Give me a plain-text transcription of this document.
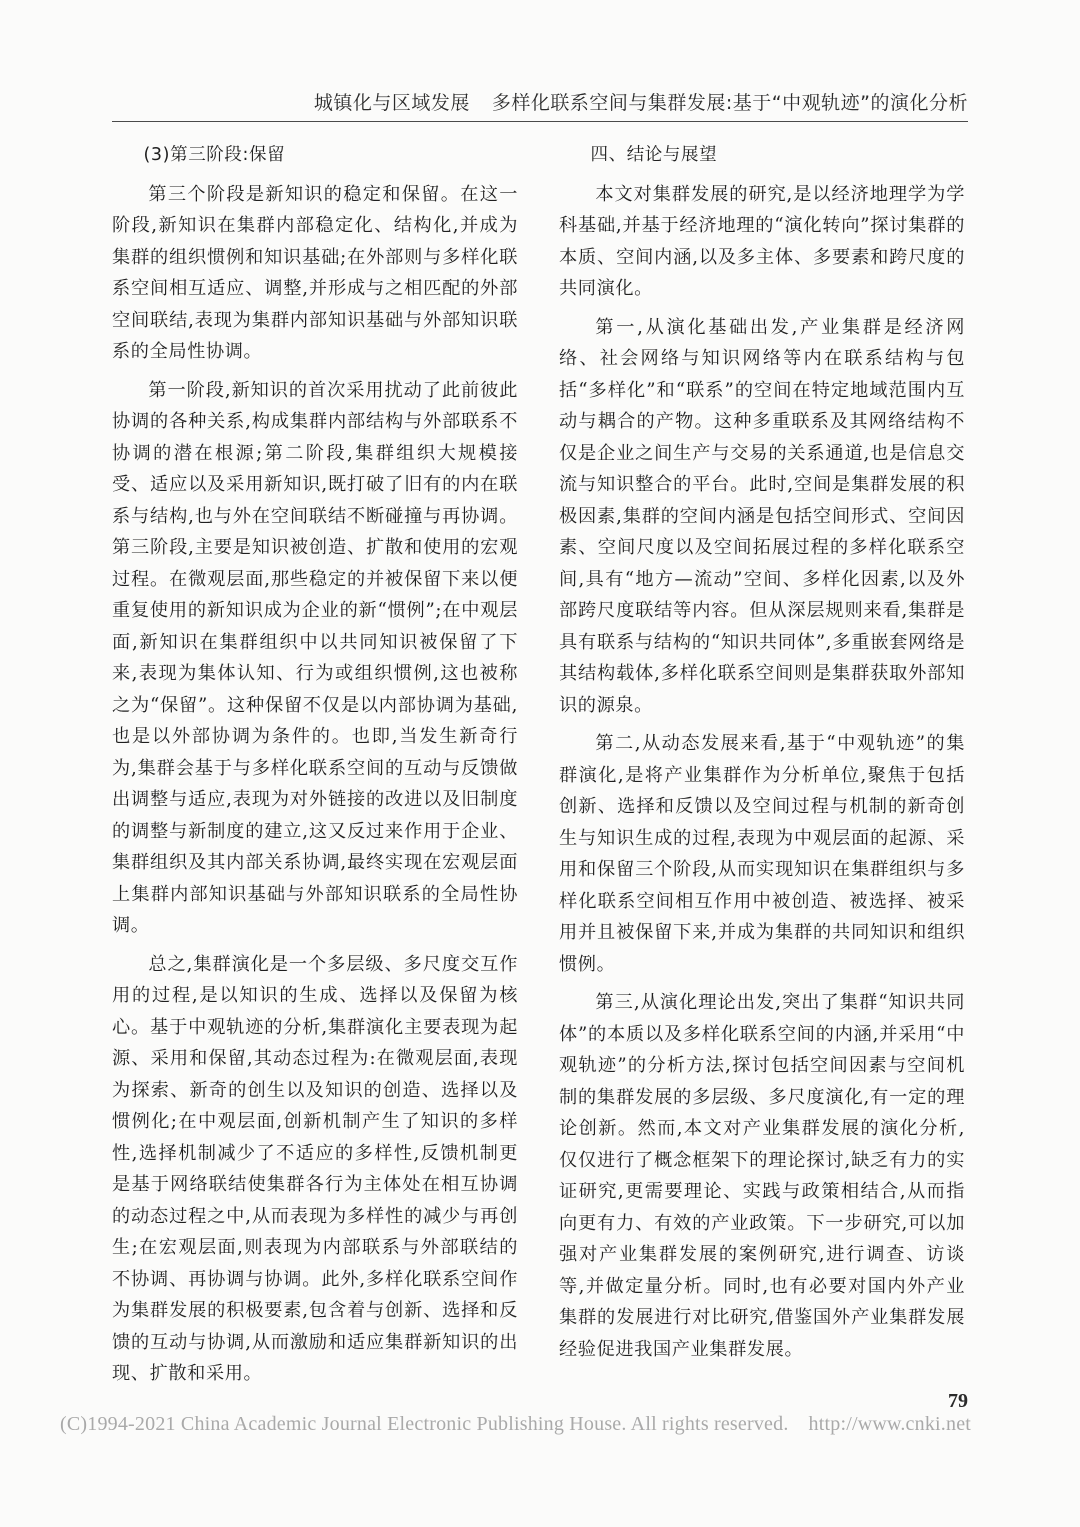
城镇化与区域发展 多样化联系空间与集群发展:基于“中观轨迹”的演化分析

(3)第三阶段:保留

第三个阶段是新知识的稳定和保留。在这一阶段,新知识在集群内部稳定化、结构化,并成为集群的组织惯例和知识基础;在外部则与多样化联系空间相互适应、调整,并形成与之相匹配的外部空间联结,表现为集群内部知识基础与外部知识联系的全局性协调。

第一阶段,新知识的首次采用扰动了此前彼此协调的各种关系,构成集群内部结构与外部联系不协调的潜在根源;第二阶段,集群组织大规模接受、适应以及采用新知识,既打破了旧有的内在联系与结构,也与外在空间联结不断碰撞与再协调。第三阶段,主要是知识被创造、扩散和使用的宏观过程。在微观层面,那些稳定的并被保留下来以便重复使用的新知识成为企业的新“惯例”;在中观层面,新知识在集群组织中以共同知识被保留了下来,表现为集体认知、行为或组织惯例,这也被称之为“保留”。这种保留不仅是以内部协调为基础,也是以外部协调为条件的。也即,当发生新奇行为,集群会基于与多样化联系空间的互动与反馈做出调整与适应,表现为对外链接的改进以及旧制度的调整与新制度的建立,这又反过来作用于企业、集群组织及其内部关系协调,最终实现在宏观层面上集群内部知识基础与外部知识联系的全局性协调。

总之,集群演化是一个多层级、多尺度交互作用的过程,是以知识的生成、选择以及保留为核心。基于中观轨迹的分析,集群演化主要表现为起源、采用和保留,其动态过程为:在微观层面,表现为探索、新奇的创生以及知识的创造、选择以及惯例化;在中观层面,创新机制产生了知识的多样性,选择机制减少了不适应的多样性,反馈机制更是基于网络联结使集群各行为主体处在相互协调的动态过程之中,从而表现为多样性的减少与再创生;在宏观层面,则表现为内部联系与外部联结的不协调、再协调与协调。此外,多样化联系空间作为集群发展的积极要素,包含着与创新、选择和反馈的互动与协调,从而激励和适应集群新知识的出现、扩散和采用。

四、结论与展望

本文对集群发展的研究,是以经济地理学为学科基础,并基于经济地理的“演化转向”探讨集群的本质、空间内涵,以及多主体、多要素和跨尺度的共同演化。

第一,从演化基础出发,产业集群是经济网络、社会网络与知识网络等内在联系结构与包括“多样化”和“联系”的空间在特定地域范围内互动与耦合的产物。这种多重联系及其网络结构不仅是企业之间生产与交易的关系通道,也是信息交流与知识整合的平台。此时,空间是集群发展的积极因素,集群的空间内涵是包括空间形式、空间因素、空间尺度以及空间拓展过程的多样化联系空间,具有“地方—流动”空间、多样化因素,以及外部跨尺度联结等内容。但从深层规则来看,集群是具有联系与结构的“知识共同体”,多重嵌套网络是其结构载体,多样化联系空间则是集群获取外部知识的源泉。

第二,从动态发展来看,基于“中观轨迹”的集群演化,是将产业集群作为分析单位,聚焦于包括创新、选择和反馈以及空间过程与机制的新奇创生与知识生成的过程,表现为中观层面的起源、采用和保留三个阶段,从而实现知识在集群组织与多样化联系空间相互作用中被创造、被选择、被采用并且被保留下来,并成为集群的共同知识和组织惯例。

第三,从演化理论出发,突出了集群“知识共同体”的本质以及多样化联系空间的内涵,并采用“中观轨迹”的分析方法,探讨包括空间因素与空间机制的集群发展的多层级、多尺度演化,有一定的理论创新。然而,本文对产业集群发展的演化分析,仅仅进行了概念框架下的理论探讨,缺乏有力的实证研究,更需要理论、实践与政策相结合,从而指向更有力、有效的产业政策。下一步研究,可以加强对产业集群发展的案例研究,进行调查、访谈等,并做定量分析。同时,也有必要对国内外产业集群的发展进行对比研究,借鉴国外产业集群发展经验促进我国产业集群发展。

79
(C)1994-2021 China Academic Journal Electronic Publishing House. All rights reserved. http://www.cnki.net
